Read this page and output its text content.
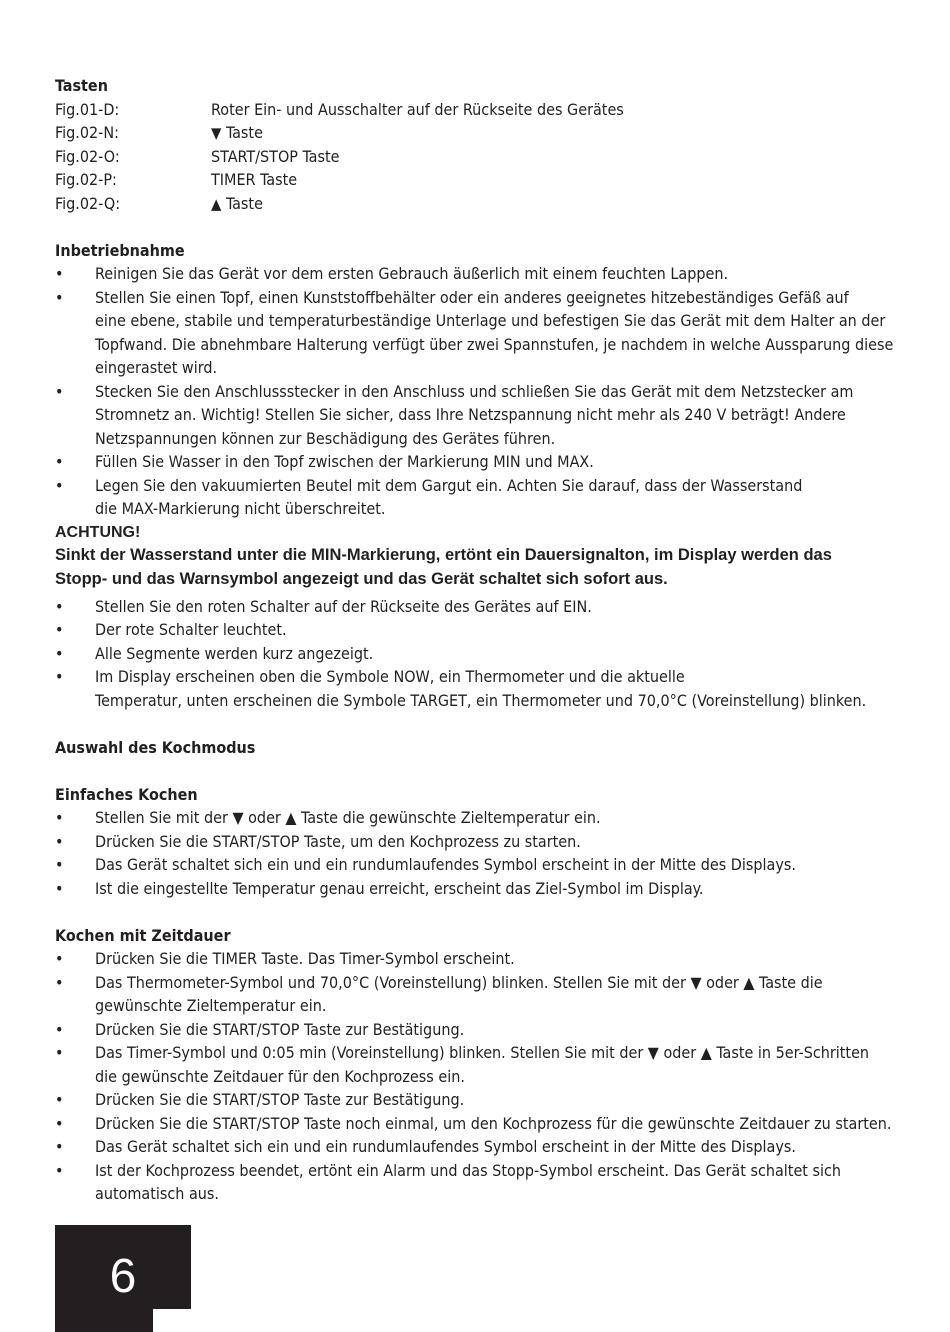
Tasten
Fig.01-D:	Roter Ein- und Ausschalter auf der Rückseite des Gerätes
Fig.02-N:	▼ Taste
Fig.02-O:	START/STOP Taste
Fig.02-P:	TIMER Taste
Fig.02-Q:	▲ Taste
Inbetriebnahme
• Reinigen Sie das Gerät vor dem ersten Gebrauch äußerlich mit einem feuchten Lappen.
• Stellen Sie einen Topf, einen Kunststoffbehälter oder ein anderes geeignetes hitzebeständiges Gefäß auf
eine ebene, stabile und temperaturbeständige Unterlage und befestigen Sie das Gerät mit dem Halter an der
Topfwand. Die abnehmbare Halterung verfügt über zwei Spannstufen, je nachdem in welche Aussparung diese
eingerastet wird.
• Stecken Sie den Anschlussstecker in den Anschluss und schließen Sie das Gerät mit dem Netzstecker am
Stromnetz an. Wichtig! Stellen Sie sicher, dass Ihre Netzspannung nicht mehr als 240 V beträgt! Andere
Netzspannungen können zur Beschädigung des Gerätes führen.
• Füllen Sie Wasser in den Topf zwischen der Markierung MIN und MAX.
• Legen Sie den vakuumierten Beutel mit dem Gargut ein. Achten Sie darauf, dass der Wasserstand
die MAX-Markierung nicht überschreitet.
ACHTUNG!
Sinkt der Wasserstand unter die MIN-Markierung, ertönt ein Dauersignalton, im Display werden das
Stopp- und das Warnsymbol angezeigt und das Gerät schaltet sich sofort aus.
• Stellen Sie den roten Schalter auf der Rückseite des Gerätes auf EIN.
• Der rote Schalter leuchtet.
• Alle Segmente werden kurz angezeigt.
• Im Display erscheinen oben die Symbole NOW, ein Thermometer und die aktuelle
Temperatur, unten erscheinen die Symbole TARGET, ein Thermometer und 70,0°C (Voreinstellung) blinken.
Auswahl des Kochmodus
Einfaches Kochen
• Stellen Sie mit der ▼ oder ▲ Taste die gewünschte Zieltemperatur ein.
• Drücken Sie die START/STOP Taste, um den Kochprozess zu starten.
• Das Gerät schaltet sich ein und ein rundumlaufendes Symbol erscheint in der Mitte des Displays.
• Ist die eingestellte Temperatur genau erreicht, erscheint das Ziel-Symbol im Display.
Kochen mit Zeitdauer
• Drücken Sie die TIMER Taste. Das Timer-Symbol erscheint.
• Das Thermometer-Symbol und 70,0°C (Voreinstellung) blinken. Stellen Sie mit der ▼ oder ▲ Taste die
gewünschte Zieltemperatur ein.
• Drücken Sie die START/STOP Taste zur Bestätigung.
• Das Timer-Symbol und 0:05 min (Voreinstellung) blinken. Stellen Sie mit der ▼ oder ▲ Taste in 5er-Schritten
die gewünschte Zeitdauer für den Kochprozess ein.
• Drücken Sie die START/STOP Taste zur Bestätigung.
• Drücken Sie die START/STOP Taste noch einmal, um den Kochprozess für die gewünschte Zeitdauer zu starten.
• Das Gerät schaltet sich ein und ein rundumlaufendes Symbol erscheint in der Mitte des Displays.
• Ist der Kochprozess beendet, ertönt ein Alarm und das Stopp-Symbol erscheint. Das Gerät schaltet sich
automatisch aus.
6
